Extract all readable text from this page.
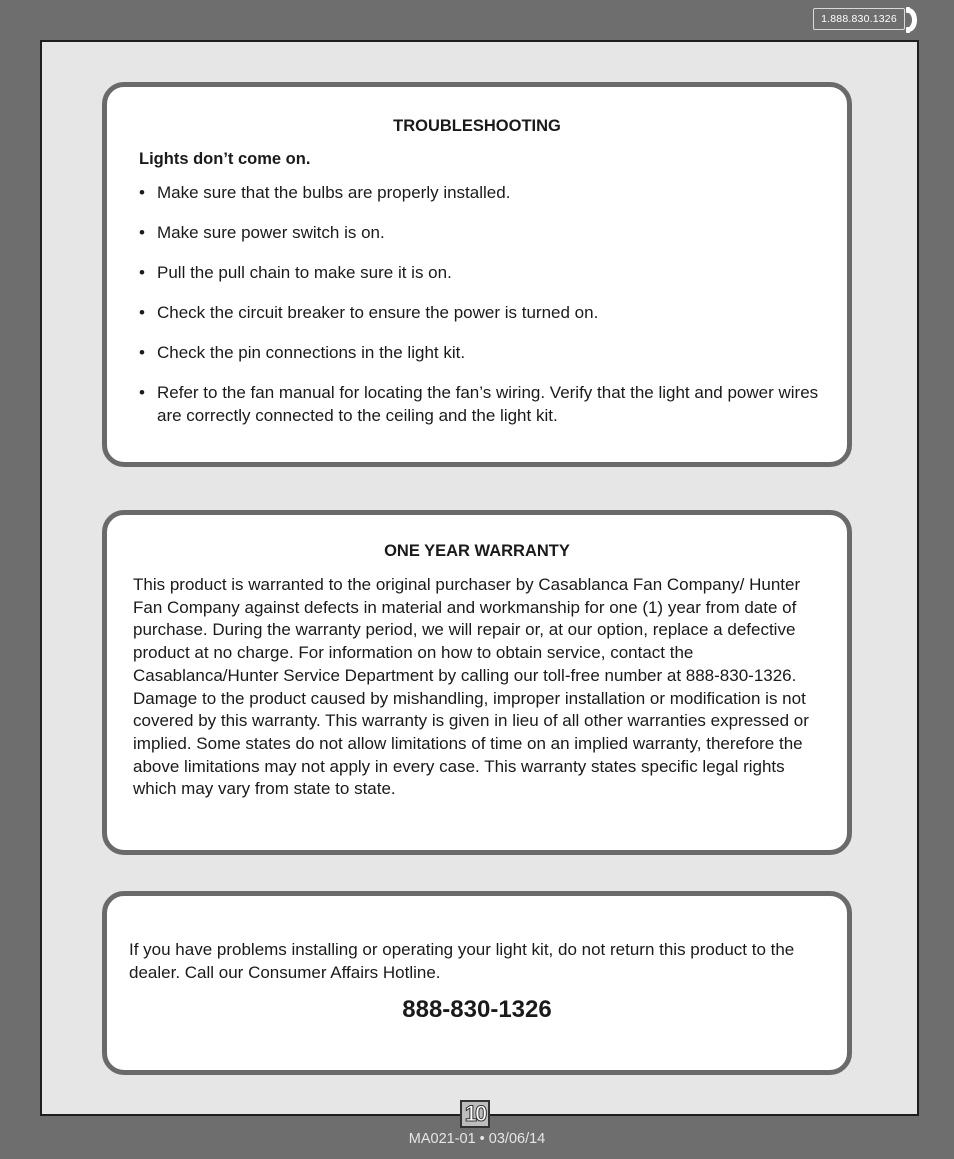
1.888.830.1326
TROUBLESHOOTING
Lights don’t come on.
• Make sure that the bulbs are properly installed.
• Make sure power switch is on.
• Pull the pull chain to make sure it is on.
• Check the circuit breaker to ensure the power is turned on.
• Check the pin connections in the light kit.
• Refer to the fan manual for locating the fan’s wiring. Verify that the light and power wires are correctly connected to the ceiling and the light kit.
ONE YEAR WARRANTY

This product is warranted to the original purchaser by Casablanca Fan Company/ Hunter Fan Company against defects in material and workmanship for one (1) year from date of purchase. During the warranty period, we will repair or, at our option, replace a defective product at no charge. For information on how to obtain service, contact the Casablanca/Hunter Service Department by calling our toll-free number at 888-830-1326. Damage to the product caused by mishandling, improper installation or modification is not covered by this warranty. This warranty is given in lieu of all other warranties expressed or implied. Some states do not allow limitations of time on an implied warranty, therefore the above limitations may not apply in every case. This warranty states specific legal rights which may vary from state to state.

If you have problems installing or operating your light kit, do not return this product to the dealer. Call our Consumer Affairs Hotline.

888-830-1326
10
MA021-01 • 03/06/14
